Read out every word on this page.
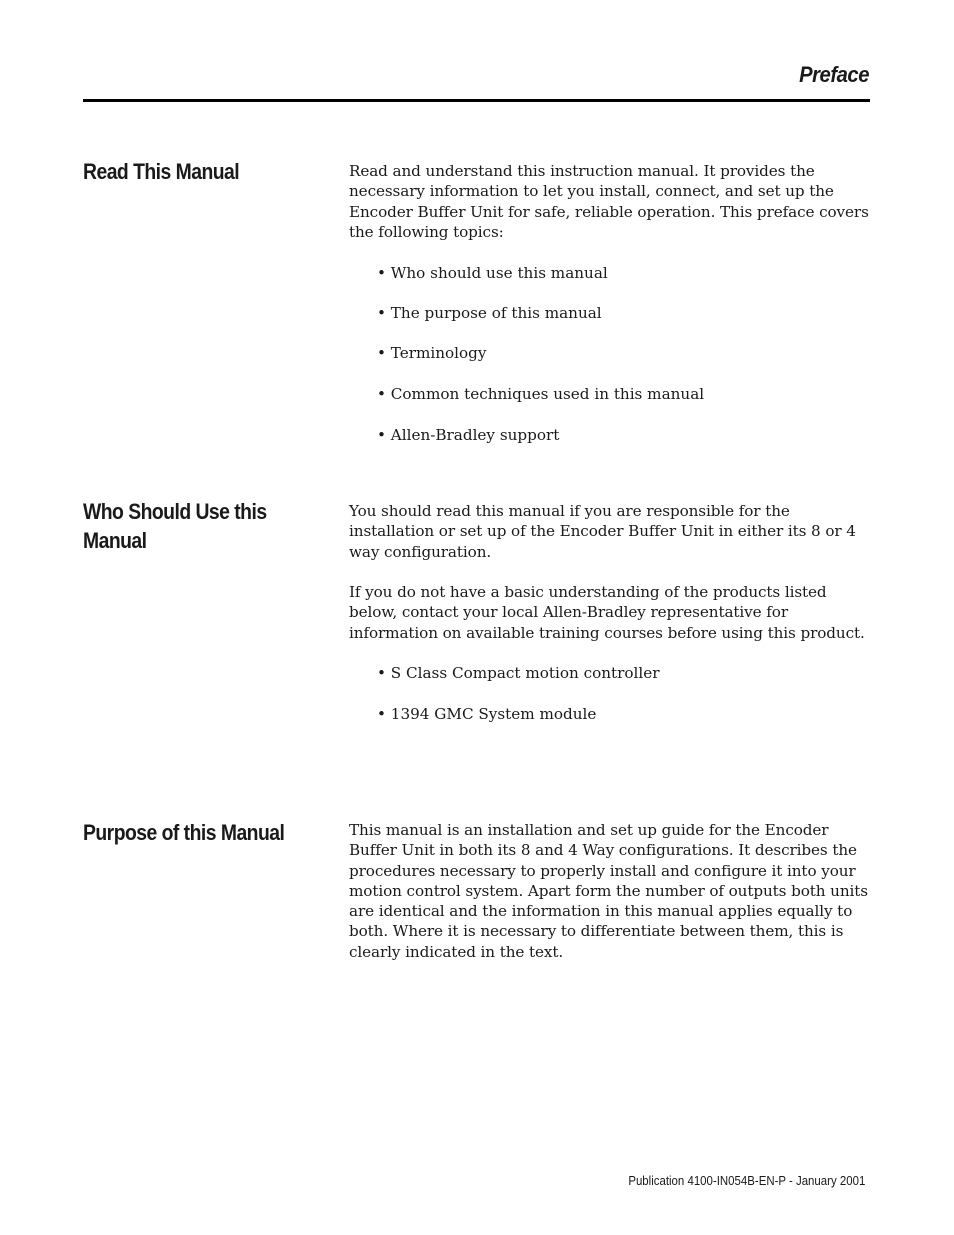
Preface
Read This Manual	Read and understand this instruction manual. It provides the necessary information to let you install, connect, and set up the Encoder Buffer Unit for safe, reliable operation. This preface covers the following topics:

• Who should use this manual
• The purpose of this manual
• Terminology
• Common techniques used in this manual
• Allen-Bradley support
Who Should Use this Manual

You should read this manual if you are responsible for the installation or set up of the Encoder Buffer Unit in either its 8 or 4 way configuration.

If you do not have a basic understanding of the products listed below, contact your local Allen-Bradley representative for information on available training courses before using this product.

• S Class Compact motion controller
• 1394 GMC System module
Purpose of this Manual	This manual is an installation and set up guide for the Encoder Buffer Unit in both its 8 and 4 Way configurations. It describes the procedures necessary to properly install and configure it into your motion control system. Apart form the number of outputs both units are identical and the information in this manual applies equally to both. Where it is necessary to differentiate between them, this is clearly indicated in the text.

Publication 4100-IN054B-EN-P - January 2001
